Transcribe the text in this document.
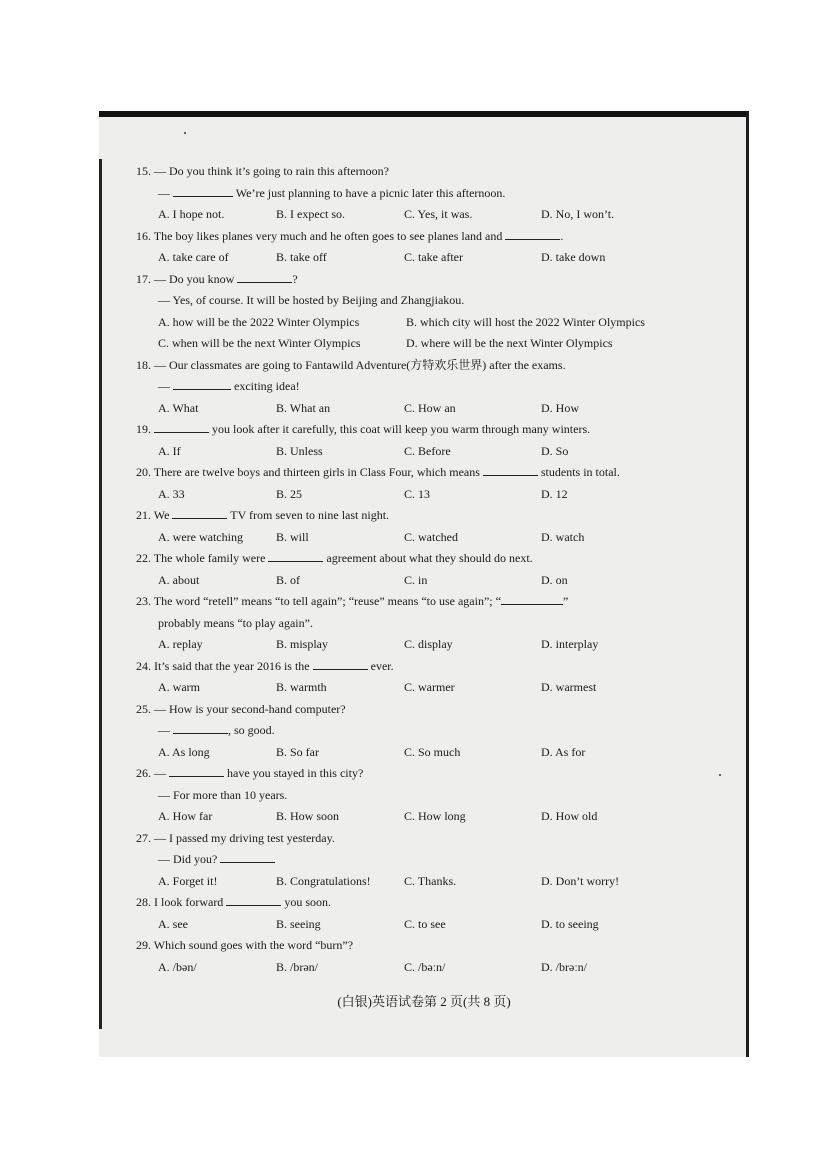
15. — Do you think it’s going to rain this afternoon?
—	We’re just planning to have a picnic later this afternoon.
A. I hope not.	B. I expect so.	C. Yes, it was.	D. No, I won’t.
16. The boy likes planes very much and he often goes to see planes land and	.
A. take care of	B. take off	C. take after	D. take down
17. — Do you know	?
— Yes, of course. It will be hosted by Beijing and Zhangjiakou.
A. how will be the 2022 Winter Olympics	B. which city will host the 2022 Winter Olympics
C. when will be the next Winter Olympics	D. where will be the next Winter Olympics
18. — Our classmates are going to Fantawild Adventure(方特欢乐世界) after the exams.
—	exciting idea!
A. What	B. What an	C. How an	D. How
19.	you look after it carefully, this coat will keep you warm through many winters.
A. If	B. Unless	C. Before	D. So
20. There are twelve boys and thirteen girls in Class Four, which means	students in total.
A. 33	B. 25	C. 13	D. 12
21. We	TV from seven to nine last night.
A. were watching	B. will	C. watched	D. watch
22. The whole family were	agreement about what they should do next.
A. about	B. of	C. in	D. on
23. The word “retell” means “to tell again”; “reuse” means “to use again”; “	”
probably means “to play again”.
A. replay	B. misplay	C. display	D. interplay
24. It’s said that the year 2016 is the	ever.
A. warm	B. warmth	C. warmer	D. warmest
25. — How is your second-hand computer?
—	, so good.
A. As long	B. So far	C. So much	D. As for
26. —	have you stayed in this city?
— For more than 10 years.
A. How far	B. How soon	C. How long	D. How old
27. — I passed my driving test yesterday.
— Did you?
A. Forget it!	B. Congratulations!	C. Thanks.	D. Don’t worry!
28. I look forward	you soon.
A. see	B. seeing	C. to see	D. to seeing
29. Which sound goes with the word “burn”?
A. /bən/	B. /brən/	C. /bəːn/	D. /brəːn/
(白银)英语试卷第 2 页(共 8 页)
